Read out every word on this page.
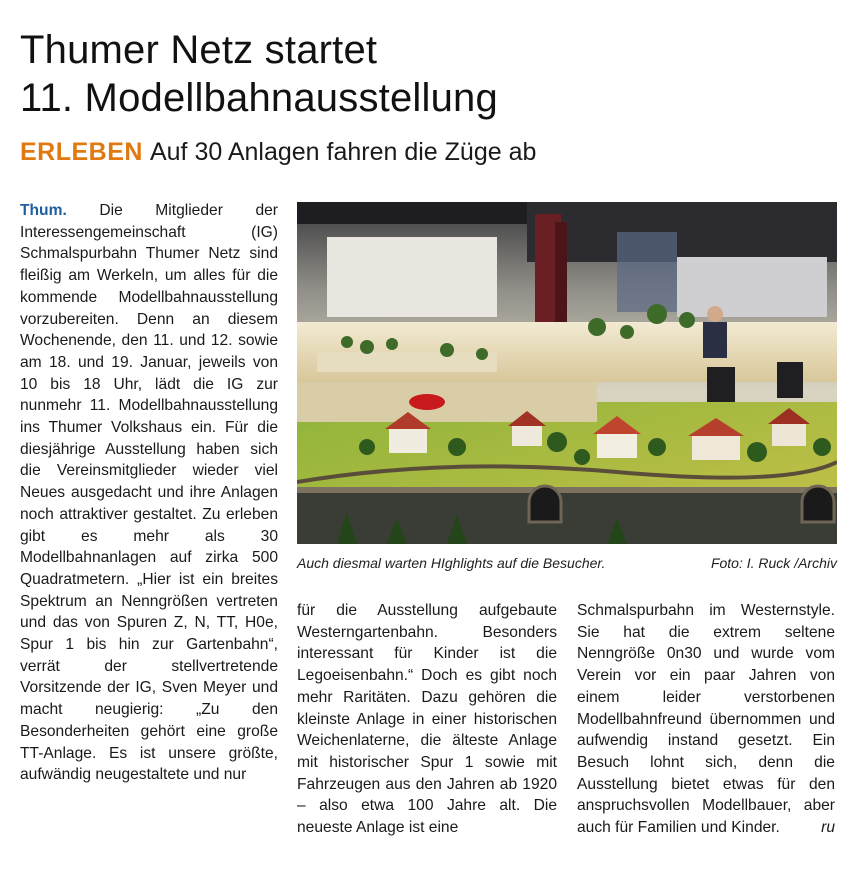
Thumer Netz startet
11. Modellbahnausstellung
ERLEBEN Auf 30 Anlagen fahren die Züge ab

Thum. Die Mitglieder der Interessengemeinschaft (IG) Schmalspurbahn Thumer Netz sind fleißig am Werkeln, um alles für die kommende Modellbahnausstellung vorzubereiten. Denn an diesem Wochenende, den 11. und 12. sowie am 18. und 19. Januar, jeweils von 10 bis 18 Uhr, lädt die IG zur nunmehr 11. Modellbahnausstellung ins Thumer Volkshaus ein. Für die diesjährige Ausstellung haben sich die Vereinsmitglieder wieder viel Neues ausgedacht und ihre Anlagen noch attraktiver gestaltet. Zu erleben gibt es mehr als 30 Modellbahnanlagen auf zirka 500 Quadratmetern. „Hier ist ein breites Spektrum an Nenngrößen vertreten und das von Spuren Z, N, TT, H0e, Spur 1 bis hin zur Gartenbahn“, verrät der stellvertretende Vorsitzende der IG, Sven Meyer und macht neugierig: „Zu den Besonderheiten gehört eine große TT-Anlage. Es ist unsere größte, aufwändig neugestaltete und nur

Auch diesmal warten HIghlights auf die Besucher.	Foto: I. Ruck /Archiv

für die Ausstellung aufgebaute Westerngartenbahn. Besonders interessant für Kinder ist die Legoeisenbahn.“ Doch es gibt noch mehr Raritäten. Dazu gehören die kleinste Anlage in einer historischen Weichenlaterne, die älteste Anlage mit historischer Spur 1 sowie mit Fahrzeugen aus den Jahren ab 1920 – also etwa 100 Jahre alt. Die neueste Anlage ist eine

Schmalspurbahn im Westernstyle. Sie hat die extrem seltene Nenngröße 0n30 und wurde vom Verein vor ein paar Jahren von einem leider verstorbenen Modellbahnfreund übernommen und aufwendig instand gesetzt. Ein Besuch lohnt sich, denn die Ausstellung bietet etwas für den anspruchsvollen Modellbauer, aber auch für Familien und Kinder.	ru
